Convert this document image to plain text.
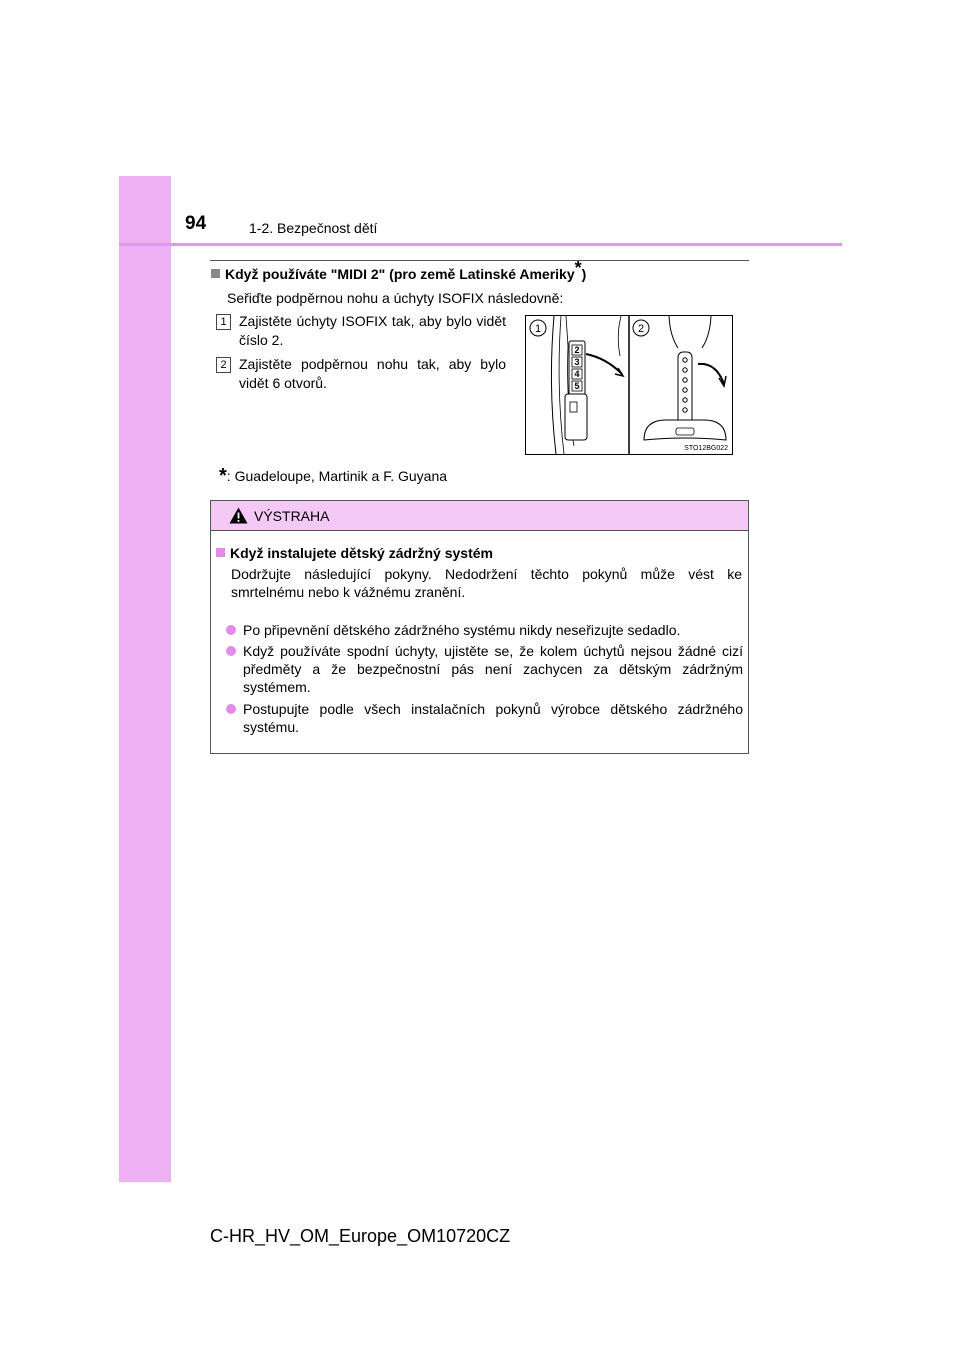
94	1-2. Bezpečnost dětí
Když používáte "MIDI 2" (pro země Latinské Ameriky*)
Seřiďte podpěrnou nohu a úchyty ISOFIX následovně:
1 Zajistěte úchyty ISOFIX tak, aby bylo vidět číslo 2.
2 Zajistěte podpěrnou nohu tak, aby bylo vidět 6 otvorů.
2
3
4
5
1	2
STO12BG022
*: Guadeloupe, Martinik a F. Guyana
VÝSTRAHA
Když instalujete dětský zádržný systém
Dodržujte následující pokyny. Nedodržení těchto pokynů může vést ke smrtelnému nebo k vážnému zranění.
Po připevnění dětského zádržného systému nikdy neseřizujte sedadlo.
Když používáte spodní úchyty, ujistěte se, že kolem úchytů nejsou žádné cizí předměty a že bezpečnostní pás není zachycen za dětským zádržným systémem.
Postupujte podle všech instalačních pokynů výrobce dětského zádržného systému.
C-HR_HV_OM_Europe_OM10720CZ
